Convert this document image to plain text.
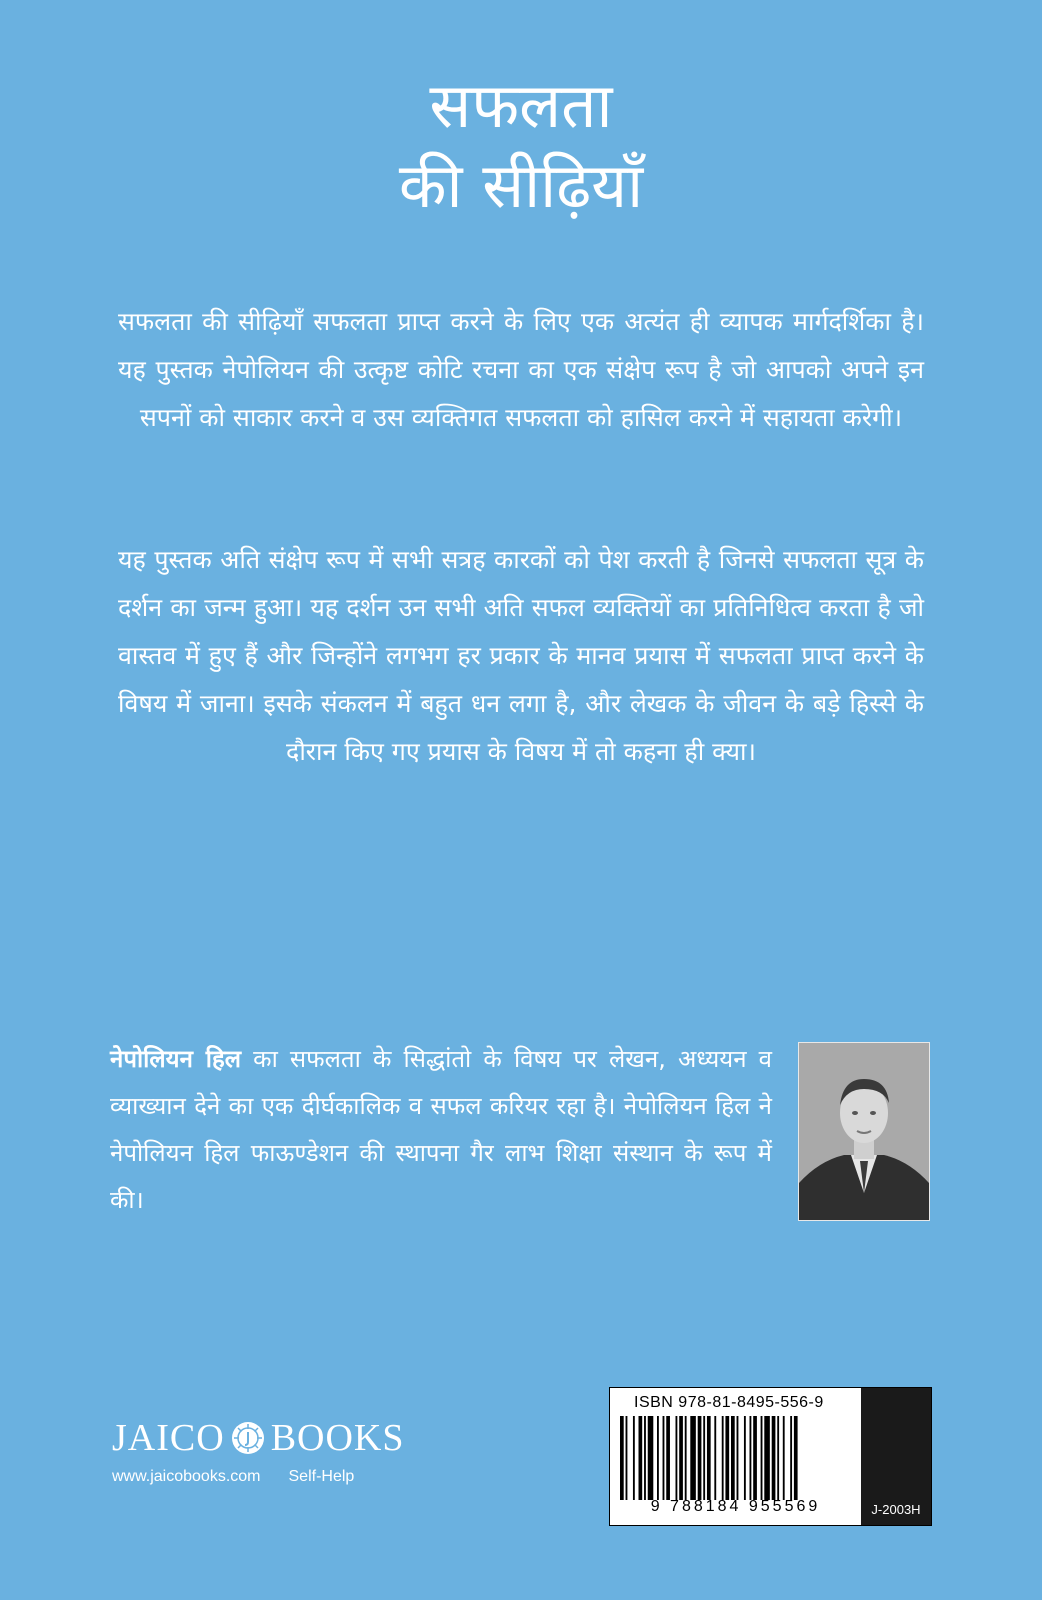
सफलता
की सीढ़ियाँ
सफलता की सीढ़ियाँ सफलता प्राप्त करने के लिए एक अत्यंत ही व्यापक मार्गदर्शिका है। यह पुस्तक नेपोलियन की उत्कृष्ट कोटि रचना का एक संक्षेप रूप है जो आपको अपने इन सपनों को साकार करने व उस व्यक्तिगत सफलता को हासिल करने में सहायता करेगी।
यह पुस्तक अति संक्षेप रूप में सभी सत्रह कारकों को पेश करती है जिनसे सफलता सूत्र के दर्शन का जन्म हुआ। यह दर्शन उन सभी अति सफल व्यक्तियों का प्रतिनिधित्व करता है जो वास्तव में हुए हैं और जिन्होंने लगभग हर प्रकार के मानव प्रयास में सफलता प्राप्त करने के विषय में जाना। इसके संकलन में बहुत धन लगा है, और लेखक के जीवन के बड़े हिस्से के दौरान किए गए प्रयास के विषय में तो कहना ही क्या।
नेपोलियन हिल का सफलता के सिद्धांतो के विषय पर लेखन, अध्ययन व व्याख्यान देने का एक दीर्घकालिक व सफल करियर रहा है। नेपोलियन हिल ने नेपोलियन हिल फाऊण्डेशन की स्थापना गैर लाभ शिक्षा संस्थान के रूप में की।
JAICO BOOKS
www.jaicobooks.com Self-Help
ISBN 978-81-8495-556-9
9 788184 955569	J-2003H
